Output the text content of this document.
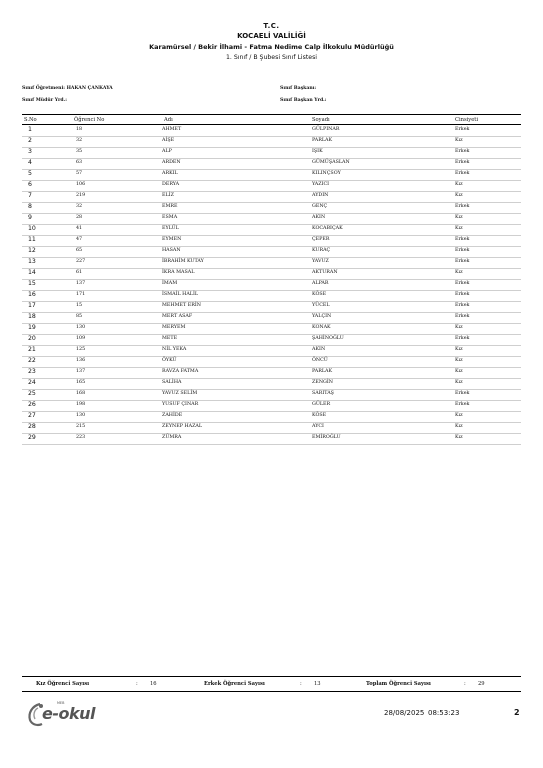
T.C.
KOCAELİ VALİLİĞİ
Karamürsel / Bekir İlhami - Fatma Nedime Calp İlkokulu Müdürlüğü
1. Sınıf / B Şubesi Sınıf Listesi
Sınıf Öğretmeni: HAKAN ÇANKAYA
Sınıf Müdür Yrd.:
Sınıf Başkanı:
Sınıf Başkan Yrd.:
S.No	Öğrenci No	Adı	Soyadı	Cinsiyeti
1	18	AHMET	GÜLPINAR	Erkek
2	32	AİŞE	PARLAK	Kız
3	35	ALP	IŞIK	Erkek
4	63	ARDEN	GÜMÜŞASLAN	Erkek
5	57	ARKIL	KILINÇSOY	Erkek
6	106	DERYA	YAZICI	Kız
7	219	ELİZ	AYDIN	Kız
8	32	EMRE	GENÇ	Erkek
9	28	ESMA	AKIN	Kız
10	41	EYLÜL	KOCABIÇAK	Kız
11	47	EYMEN	ÇEPER	Erkek
12	65	HASAN	KURAÇ	Erkek
13	227	İBRAHİM KUTAY	YAVUZ	Erkek
14	61	İKRA MASAL	AKTURAN	Kız
15	137	İMAM	ALPAR	Erkek
16	171	İSMAİL HALİL	KÖSE	Erkek
17	15	MEHMET ERİN	YÜCEL	Erkek
18	85	MERT ASAF	YALÇIN	Erkek
19	130	MERYEM	KONAK	Kız
20	109	METE	ŞAHİNOĞLU	Erkek
21	125	NİL YEKA	AKIN	Kız
22	136	ÖYKÜ	ÖNCÜ	Kız
23	137	RAVZA FATMA	PARLAK	Kız
24	165	SALİHA	ZENGİN	Kız
25	168	YAVUZ SELİM	SARITAŞ	Erkek
26	198	YUSUF ÇINAR	GÜLER	Erkek
27	130	ZAHİDE	KÖSE	Kız
28	215	ZEYNEP HAZAL	AYCI	Kız
29	223	ZÜMRA	EMİROĞLU	Kız
Kız Öğrenci Sayısı	: 16	Erkek Öğrenci Sayısı	: 13	Toplam Öğrenci Sayısı	: 29
MEB
e-okul	28/08/2025 08:53:23	2
